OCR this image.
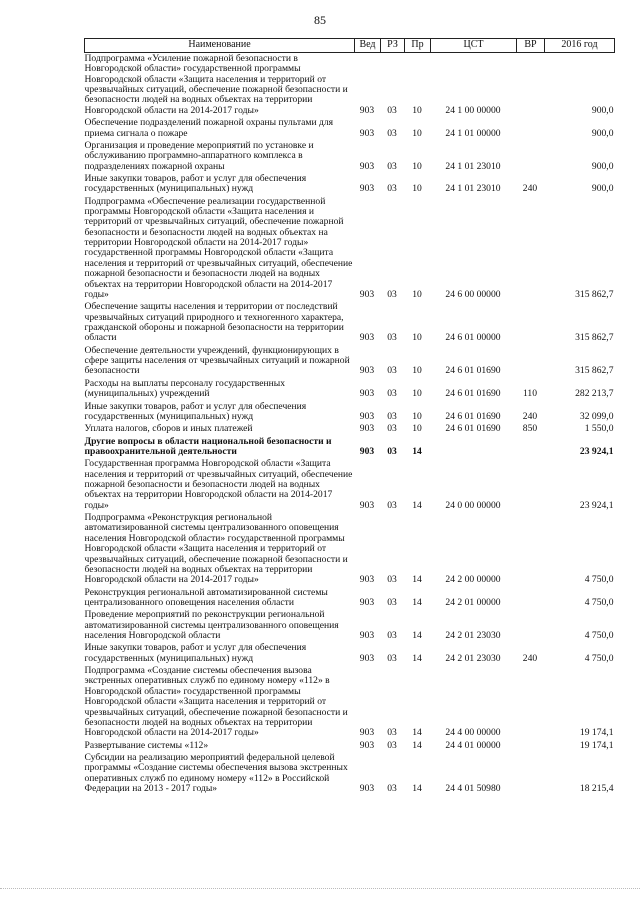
85
Наименование	Вед	РЗ	Пр	ЦСТ	ВР	2016 год
Подпрограмма «Усиление пожарной безопасности в Новгородской области» государственной программы Новгородской области «Защита населения и территорий от чрезвычайных ситуаций, обеспечение пожарной безопасности и безопасности людей на водных объектах на территории Новгородской области на 2014-2017 годы»	903	03	10	24 1 00 00000		900,0
Обеспечение подразделений пожарной охраны пультами для приема сигнала о пожаре	903	03	10	24 1 01 00000		900,0
Организация и проведение мероприятий по установке и обслуживанию программно-аппаратного комплекса в подразделениях пожарной охраны	903	03	10	24 1 01 23010		900,0
Иные закупки товаров, работ и услуг для обеспечения государственных (муниципальных) нужд	903	03	10	24 1 01 23010	240	900,0
Подпрограмма «Обеспечение реализации государственной программы Новгородской области «Защита населения и территорий от чрезвычайных ситуаций, обеспечение пожарной безопасности и безопасности людей на водных объектах на территории Новгородской области на 2014-2017 годы» государственной программы Новгородской области «Защита населения и территорий от чрезвычайных ситуаций, обеспечение пожарной безопасности и безопасности людей на водных объектах на территории Новгородской области на 2014-2017 годы»	903	03	10	24 6 00 00000		315 862,7
Обеспечение защиты населения и территории от последствий чрезвычайных ситуаций природного и техногенного характера, гражданской обороны и пожарной безопасности на территории области	903	03	10	24 6 01 00000		315 862,7
Обеспечение деятельности учреждений, функционирующих в сфере защиты населения от чрезвычайных ситуаций и пожарной безопасности	903	03	10	24 6 01 01690		315 862,7
Расходы на выплаты персоналу государственных (муниципальных) учреждений	903	03	10	24 6 01 01690	110	282 213,7
Иные закупки товаров, работ и услуг для обеспечения государственных (муниципальных) нужд	903	03	10	24 6 01 01690	240	32 099,0
Уплата налогов, сборов и иных платежей	903	03	10	24 6 01 01690	850	1 550,0
Другие вопросы в области национальной безопасности и правоохранительной деятельности	903	03	14			23 924,1
Государственная программа Новгородской области «Защита населения и территорий от чрезвычайных ситуаций, обеспечение пожарной безопасности и безопасности людей на водных объектах на территории Новгородской области на 2014-2017 годы»	903	03	14	24 0 00 00000		23 924,1
Подпрограмма «Реконструкция региональной автоматизированной системы централизованного оповещения населения Новгородской области» государственной программы Новгородской области «Защита населения и территорий от чрезвычайных ситуаций, обеспечение пожарной безопасности и безопасности людей на водных объектах на территории Новгородской области на 2014-2017 годы»	903	03	14	24 2 00 00000		4 750,0
Реконструкция региональной автоматизированной системы централизованного оповещения населения области	903	03	14	24 2 01 00000		4 750,0
Проведение мероприятий по реконструкции региональной автоматизированной системы централизованного оповещения населения Новгородской области	903	03	14	24 2 01 23030		4 750,0
Иные закупки товаров, работ и услуг для обеспечения государственных (муниципальных) нужд	903	03	14	24 2 01 23030	240	4 750,0
Подпрограмма «Создание системы обеспечения вызова экстренных оперативных служб по единому номеру «112» в Новгородской области» государственной программы Новгородской области «Защита населения и территорий от чрезвычайных ситуаций, обеспечение пожарной безопасности и безопасности людей на водных объектах на территории Новгородской области на 2014-2017 годы»	903	03	14	24 4 00 00000		19 174,1
Развертывание системы «112»	903	03	14	24 4 01 00000		19 174,1
Субсидии на реализацию мероприятий федеральной целевой программы «Создание системы обеспечения вызова экстренных оперативных служб по единому номеру «112» в Российской Федерации на 2013 - 2017 годы»	903	03	14	24 4 01 50980		18 215,4
